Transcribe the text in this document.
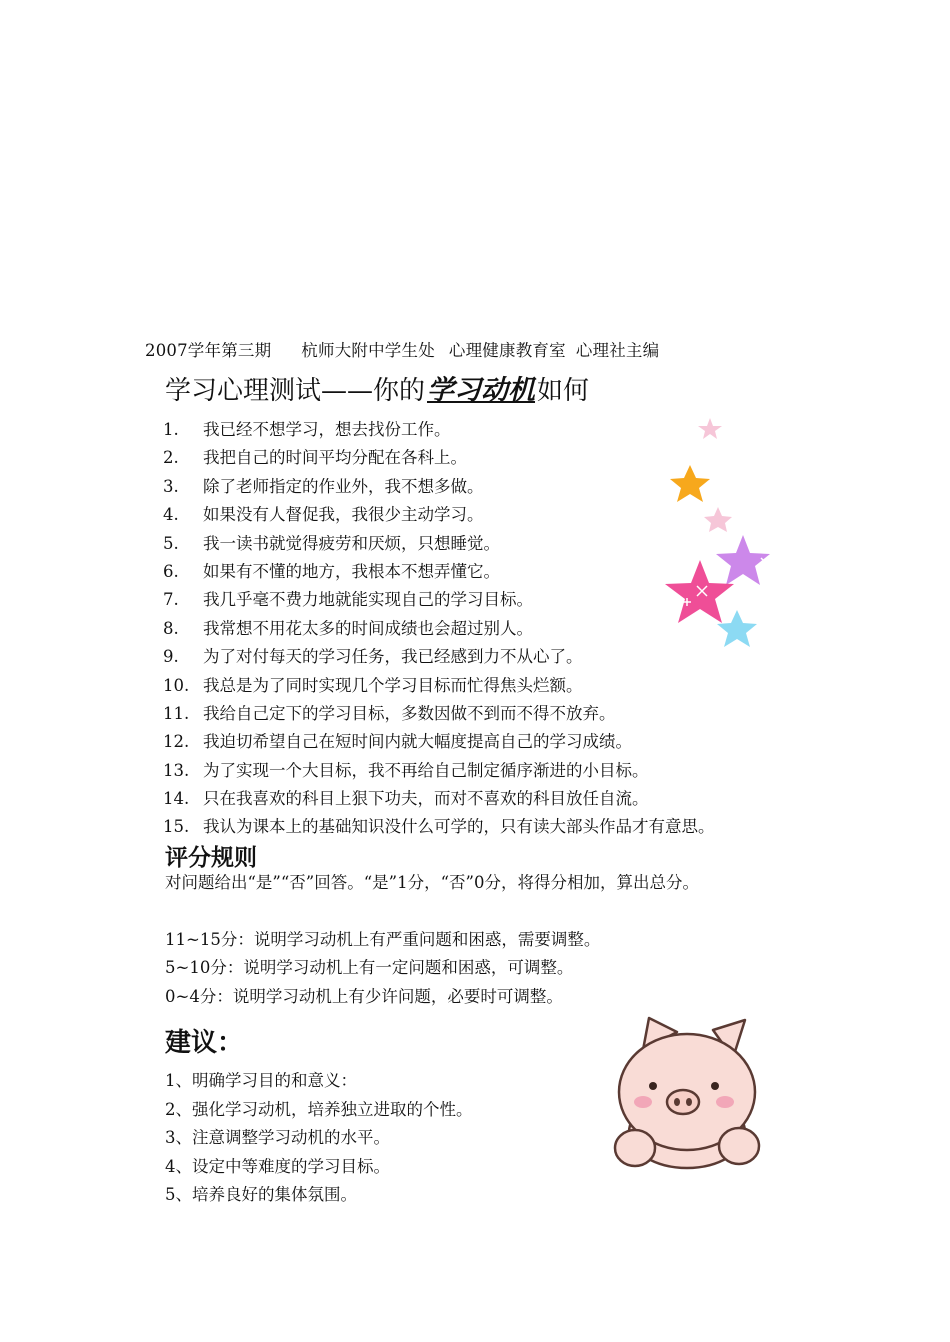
2007学年第三期 杭师大附中学生处 心理健康教育室 心理社主编
学习心理测试——你的学习动机如何
1. 我已经不想学习，想去找份工作。
2. 我把自己的时间平均分配在各科上。
3. 除了老师指定的作业外，我不想多做。
4. 如果没有人督促我，我很少主动学习。
5. 我一读书就觉得疲劳和厌烦，只想睡觉。
6. 如果有不懂的地方，我根本不想弄懂它。
7. 我几乎毫不费力地就能实现自己的学习目标。
8. 我常想不用花太多的时间成绩也会超过别人。
9. 为了对付每天的学习任务，我已经感到力不从心了。
10. 我总是为了同时实现几个学习目标而忙得焦头烂额。
11. 我给自己定下的学习目标，多数因做不到而不得不放弃。
12. 我迫切希望自己在短时间内就大幅度提高自己的学习成绩。
13. 为了实现一个大目标，我不再给自己制定循序渐进的小目标。
14. 只在我喜欢的科目上狠下功夫，而对不喜欢的科目放任自流。
15. 我认为课本上的基础知识没什么可学的，只有读大部头作品才有意思。
评分规则
对问题给出“是”“否”回答。“是”1分，“否”0分，将得分相加，算出总分。
11~15分：说明学习动机上有严重问题和困惑，需要调整。
5~10分：说明学习动机上有一定问题和困惑，可调整。
0~4分：说明学习动机上有少许问题，必要时可调整。
建议：
1、明确学习目的和意义：
2、强化学习动机，培养独立进取的个性。
3、注意调整学习动机的水平。
4、设定中等难度的学习目标。
5、培养良好的集体氛围。
